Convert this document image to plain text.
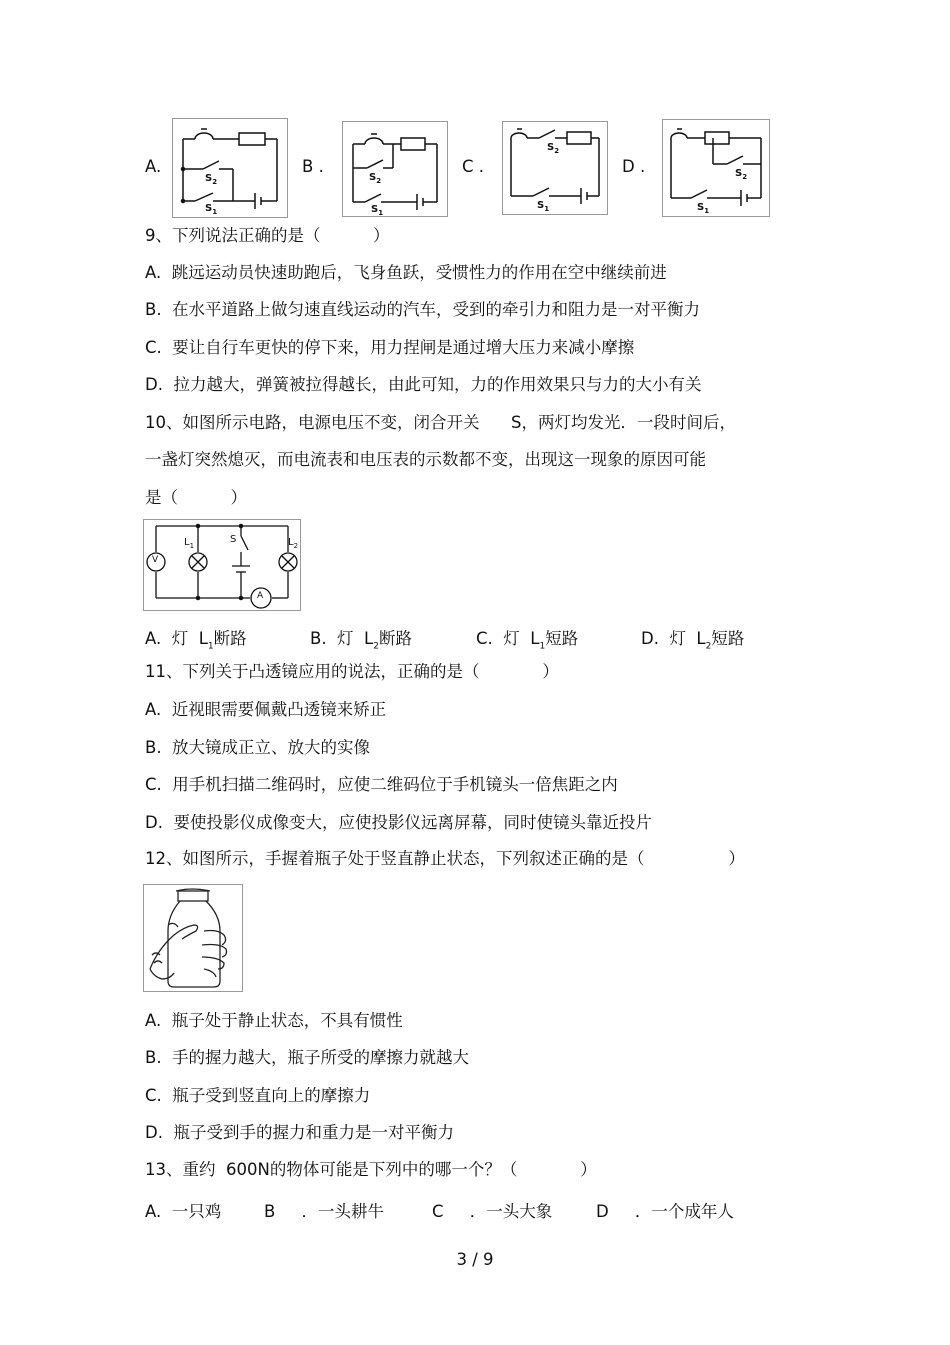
A.
$S_2$
$S_1$
B .
$S_2$
$S_1$
C .
$S_2$
$S_1$
D .	$S_2$
$S_1$
9、下列说法正确的是（          ）
A.  跳远运动员快速助跑后，飞身鱼跃，受惯性力的作用在空中继续前进
B.  在水平道路上做匀速直线运动的汽车，受到的牵引力和阻力是一对平衡力
C.  要让自行车更快的停下来，用力捏闸是通过增大压力来减小摩擦
D.  拉力越大，弹簧被拉得越长，由此可知，力的作用效果只与力的大小有关
10、如图所示电路，电源电压不变，闭合开关      S，两灯均发光．一段时间后，
一盏灯突然熄灭，而电流表和电压表的示数都不变，出现这一现象的原因可能
是（          ）
V
$L_1$
S	$L_2$
A
A.  灯  $L_1$断路	B.  灯  $L_2$断路	C.  灯  $L_1$短路	D.  灯  $L_2$短路
11、下列关于凸透镜应用的说法，正确的是（            ）
A.  近视眼需要佩戴凸透镜来矫正
B.  放大镜成正立、放大的实像
C.  用手机扫描二维码时，应使二维码位于手机镜头一倍焦距之内
D.  要使投影仪成像变大，应使投影仪远离屏幕，同时使镜头靠近投片
12、如图所示，手握着瓶子处于竖直静止状态，下列叙述正确的是（                ）
A.  瓶子处于静止状态，不具有惯性
B.  手的握力越大，瓶子所受的摩擦力就越大
C.  瓶子受到竖直向上的摩擦力
D.  瓶子受到手的握力和重力是一对平衡力
13、重约  600N的物体可能是下列中的哪一个？（            ）
A.  一只鸡	B     ．一头耕牛	C     ．一头大象	D     ．一个成年人
3 / 9
